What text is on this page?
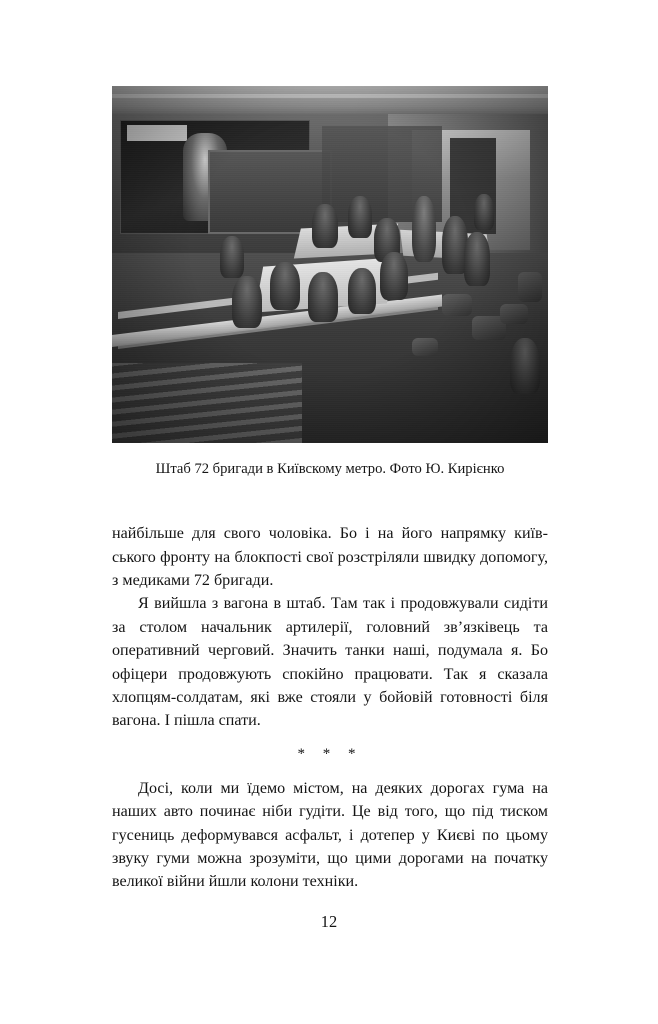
Штаб 72 бригади в Київскому метро. Фото Ю. Кирієнко

найбільше для свого чоловіка. Бо і на його напрямку київського фронту на блокпості свої розстріляли швидку допомогу, з медиками 72 бригади.

Я вийшла з вагона в штаб. Там так і продовжували сидіти за столом начальник артилерії, головний зв’язківець та оперативний черговий. Значить танки наші, подумала я. Бо офіцери продовжують спокійно працювати. Так я сказала хлопцям-солдатам, які вже стояли у бойовій готовності біля вагона. І пішла спати.

* * *

Досі, коли ми їдемо містом, на деяких дорогах гума на наших авто починає ніби гудіти. Це від того, що під тиском гусениць деформувався асфальт, і дотепер у Києві по цьому звуку гуми можна зрозуміти, що цими дорогами на початку великої війни йшли колони техніки.

12
